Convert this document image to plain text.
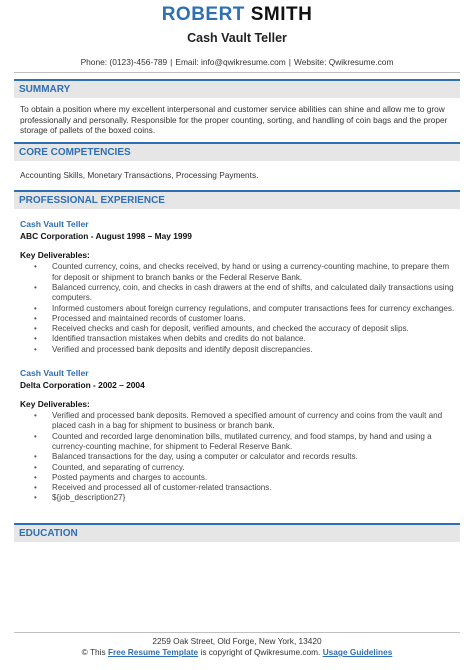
ROBERT SMITH
Cash Vault Teller
Phone: (0123)-456-789 | Email: info@qwikresume.com | Website: Qwikresume.com
SUMMARY
To obtain a position where my excellent interpersonal and customer service abilities can shine and allow me to grow professionally and personally. Responsible for the proper counting, sorting, and handling of coin bags and the proper storage of pallets of the boxed coins.
CORE COMPETENCIES
Accounting Skills, Monetary Transactions, Processing Payments.
PROFESSIONAL EXPERIENCE
Cash Vault Teller
ABC Corporation - August 1998 – May 1999
Key Deliverables:
• Counted currency, coins, and checks received, by hand or using a currency-counting machine, to prepare them for deposit or shipment to branch banks or the Federal Reserve Bank.
• Balanced currency, coin, and checks in cash drawers at the end of shifts, and calculated daily transactions using computers.
• Informed customers about foreign currency regulations, and computer transactions fees for currency exchanges.
• Processed and maintained records of customer loans.
• Received checks and cash for deposit, verified amounts, and checked the accuracy of deposit slips.
• Identified transaction mistakes when debits and credits do not balance.
• Verified and processed bank deposits and identify deposit discrepancies.
Cash Vault Teller
Delta Corporation - 2002 – 2004
Key Deliverables:
• Verified and processed bank deposits. Removed a specified amount of currency and coins from the vault and placed cash in a bag for shipment to business or branch bank.
• Counted and recorded large denomination bills, mutilated currency, and food stamps, by hand and using a currency-counting machine, for shipment to Federal Reserve Bank.
• Balanced transactions for the day, using a computer or calculator and records results.
• Counted, and separating of currency.
• Posted payments and charges to accounts.
• Received and processed all of customer-related transactions.
• ${job_description27}
EDUCATION
2259 Oak Street, Old Forge, New York, 13420
© This Free Resume Template is copyright of Qwikresume.com. Usage Guidelines
